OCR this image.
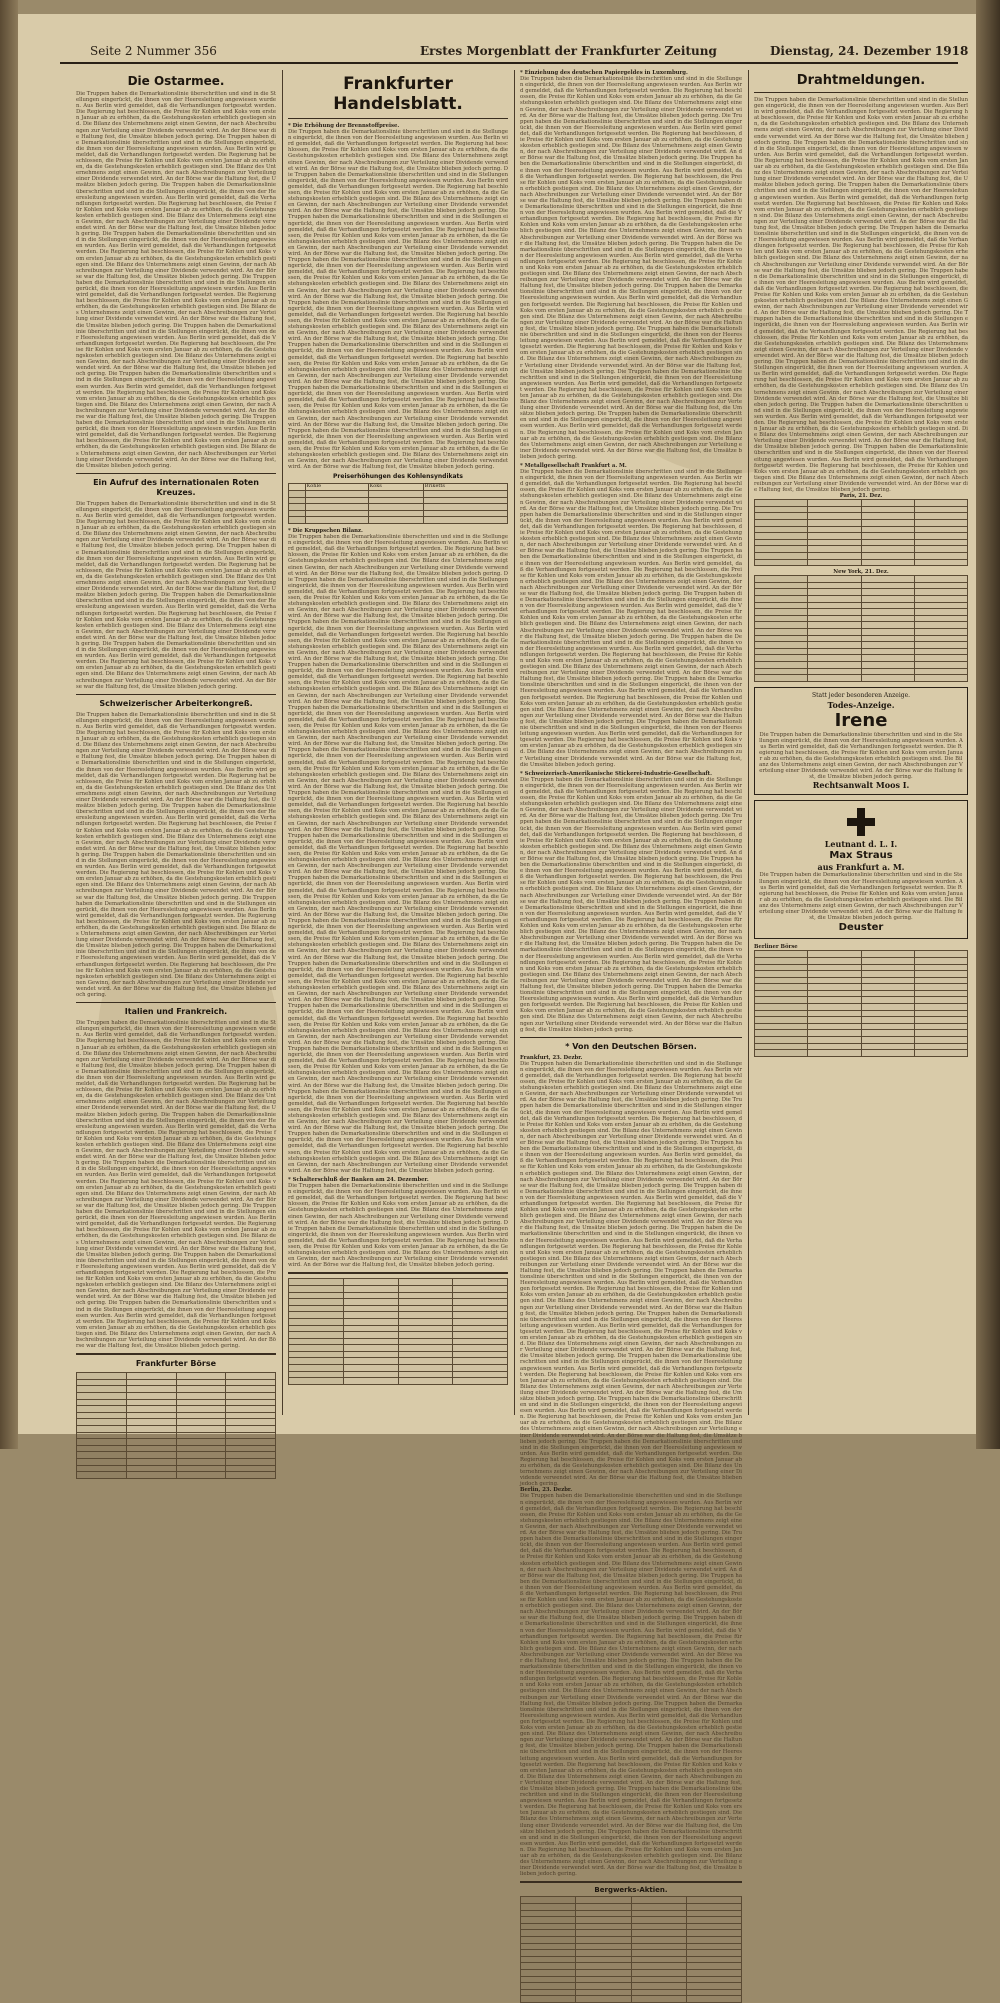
Seite 2 Nummer 356	Erstes Morgenblatt der Frankfurter Zeitung	Dienstag, 24. Dezember 1918
Die Ostarmee.
Die Truppen haben die Demarkationslinie überschritten und sind in die Stellungen eingerückt, die ihnen von der Heeresleitung angewiesen wurden. Aus Berlin wird gemeldet, daß die Verhandlungen fortgesetzt werden. Die Regierung hat beschlossen, die Preise für Kohlen und Koks vom ersten Januar ab zu erhöhen, da die Gestehungskosten erheblich gestiegen sind. Die Bilanz des Unternehmens zeigt einen Gewinn, der nach Abschreibungen zur Verteilung einer Dividende verwendet wird. An der Börse war die Haltung fest, die Umsätze blieben jedoch gering. Die Truppen haben die Demarkationslinie überschritten und sind in die Stellungen eingerückt, die ihnen von der Heeresleitung angewiesen wurden. Aus Berlin wird gemeldet, daß die Verhandlungen fortgesetzt werden. Die Regierung hat beschlossen, die Preise für Kohlen und Koks vom ersten Januar ab zu erhöhen, da die Gestehungskosten erheblich gestiegen sind. Die Bilanz des Unternehmens zeigt einen Gewinn, der nach Abschreibungen zur Verteilung einer Dividende verwendet wird. An der Börse war die Haltung fest, die Umsätze blieben jedoch gering. Die Truppen haben die Demarkationslinie überschritten und sind in die Stellungen eingerückt, die ihnen von der Heeresleitung angewiesen wurden. Aus Berlin wird gemeldet, daß die Verhandlungen fortgesetzt werden. Die Regierung hat beschlossen, die Preise für Kohlen und Koks vom ersten Januar ab zu erhöhen, da die Gestehungskosten erheblich gestiegen sind. Die Bilanz des Unternehmens zeigt einen Gewinn, der nach Abschreibungen zur Verteilung einer Dividende verwendet wird. An der Börse war die Haltung fest, die Umsätze blieben jedoch gering. Die Truppen haben die Demarkationslinie überschritten und sind in die Stellungen eingerückt, die ihnen von der Heeresleitung angewiesen wurden. Aus Berlin wird gemeldet, daß die Verhandlungen fortgesetzt werden. Die Regierung hat beschlossen, die Preise für Kohlen und Koks vom ersten Januar ab zu erhöhen, da die Gestehungskosten erheblich gestiegen sind. Die Bilanz des Unternehmens zeigt einen Gewinn, der nach Abschreibungen zur Verteilung einer Dividende verwendet wird. An der Börse war die Haltung fest, die Umsätze blieben jedoch gering. Die Truppen haben die Demarkationslinie überschritten und sind in die Stellungen eingerückt, die ihnen von der Heeresleitung angewiesen wurden. Aus Berlin wird gemeldet, daß die Verhandlungen fortgesetzt werden. Die Regierung hat beschlossen, die Preise für Kohlen und Koks vom ersten Januar ab zu erhöhen, da die Gestehungskosten erheblich gestiegen sind. Die Bilanz des Unternehmens zeigt einen Gewinn, der nach Abschreibungen zur Verteilung einer Dividende verwendet wird. An der Börse war die Haltung fest, die Umsätze blieben jedoch gering. Die Truppen haben die Demarkationslinie überschritten und sind in die Stellungen eingerückt, die ihnen von der Heeresleitung angewiesen wurden. Aus Berlin wird gemeldet, daß die Verhandlungen fortgesetzt werden. Die Regierung hat beschlossen, die Preise für Kohlen und Koks vom ersten Januar ab zu erhöhen, da die Gestehungskosten erheblich gestiegen sind. Die Bilanz des Unternehmens zeigt einen Gewinn, der nach Abschreibungen zur Verteilung einer Dividende verwendet wird. An der Börse war die Haltung fest, die Umsätze blieben jedoch gering. Die Truppen haben die Demarkationslinie überschritten und sind in die Stellungen eingerückt, die ihnen von der Heeresleitung angewiesen wurden. Aus Berlin wird gemeldet, daß die Verhandlungen fortgesetzt werden. Die Regierung hat beschlossen, die Preise für Kohlen und Koks vom ersten Januar ab zu erhöhen, da die Gestehungskosten erheblich gestiegen sind. Die Bilanz des Unternehmens zeigt einen Gewinn, der nach Abschreibungen zur Verteilung einer Dividende verwendet wird. An der Börse war die Haltung fest, die Umsätze blieben jedoch gering. Die Truppen haben die Demarkationslinie überschritten und sind in die Stellungen eingerückt, die ihnen von der Heeresleitung angewiesen wurden. Aus Berlin wird gemeldet, daß die Verhandlungen fortgesetzt werden. Die Regierung hat beschlossen, die Preise für Kohlen und Koks vom ersten Januar ab zu erhöhen, da die Gestehungskosten erheblich gestiegen sind. Die Bilanz des Unternehmens zeigt einen Gewinn, der nach Abschreibungen zur Verteilung einer Dividende verwendet wird. An der Börse war die Haltung fest, die Umsätze blieben jedoch gering.
Ein Aufruf des internationalen Roten Kreuzes.
Die Truppen haben die Demarkationslinie überschritten und sind in die Stellungen eingerückt, die ihnen von der Heeresleitung angewiesen wurden. Aus Berlin wird gemeldet, daß die Verhandlungen fortgesetzt werden. Die Regierung hat beschlossen, die Preise für Kohlen und Koks vom ersten Januar ab zu erhöhen, da die Gestehungskosten erheblich gestiegen sind. Die Bilanz des Unternehmens zeigt einen Gewinn, der nach Abschreibungen zur Verteilung einer Dividende verwendet wird. An der Börse war die Haltung fest, die Umsätze blieben jedoch gering. Die Truppen haben die Demarkationslinie überschritten und sind in die Stellungen eingerückt, die ihnen von der Heeresleitung angewiesen wurden. Aus Berlin wird gemeldet, daß die Verhandlungen fortgesetzt werden. Die Regierung hat beschlossen, die Preise für Kohlen und Koks vom ersten Januar ab zu erhöhen, da die Gestehungskosten erheblich gestiegen sind. Die Bilanz des Unternehmens zeigt einen Gewinn, der nach Abschreibungen zur Verteilung einer Dividende verwendet wird. An der Börse war die Haltung fest, die Umsätze blieben jedoch gering. Die Truppen haben die Demarkationslinie überschritten und sind in die Stellungen eingerückt, die ihnen von der Heeresleitung angewiesen wurden. Aus Berlin wird gemeldet, daß die Verhandlungen fortgesetzt werden. Die Regierung hat beschlossen, die Preise für Kohlen und Koks vom ersten Januar ab zu erhöhen, da die Gestehungskosten erheblich gestiegen sind. Die Bilanz des Unternehmens zeigt einen Gewinn, der nach Abschreibungen zur Verteilung einer Dividende verwendet wird. An der Börse war die Haltung fest, die Umsätze blieben jedoch gering. Die Truppen haben die Demarkationslinie überschritten und sind in die Stellungen eingerückt, die ihnen von der Heeresleitung angewiesen wurden. Aus Berlin wird gemeldet, daß die Verhandlungen fortgesetzt werden. Die Regierung hat beschlossen, die Preise für Kohlen und Koks vom ersten Januar ab zu erhöhen, da die Gestehungskosten erheblich gestiegen sind. Die Bilanz des Unternehmens zeigt einen Gewinn, der nach Abschreibungen zur Verteilung einer Dividende verwendet wird. An der Börse war die Haltung fest, die Umsätze blieben jedoch gering.
Schweizerischer Arbeiterkongreß.
Die Truppen haben die Demarkationslinie überschritten und sind in die Stellungen eingerückt, die ihnen von der Heeresleitung angewiesen wurden. Aus Berlin wird gemeldet, daß die Verhandlungen fortgesetzt werden. Die Regierung hat beschlossen, die Preise für Kohlen und Koks vom ersten Januar ab zu erhöhen, da die Gestehungskosten erheblich gestiegen sind. Die Bilanz des Unternehmens zeigt einen Gewinn, der nach Abschreibungen zur Verteilung einer Dividende verwendet wird. An der Börse war die Haltung fest, die Umsätze blieben jedoch gering. Die Truppen haben die Demarkationslinie überschritten und sind in die Stellungen eingerückt, die ihnen von der Heeresleitung angewiesen wurden. Aus Berlin wird gemeldet, daß die Verhandlungen fortgesetzt werden. Die Regierung hat beschlossen, die Preise für Kohlen und Koks vom ersten Januar ab zu erhöhen, da die Gestehungskosten erheblich gestiegen sind. Die Bilanz des Unternehmens zeigt einen Gewinn, der nach Abschreibungen zur Verteilung einer Dividende verwendet wird. An der Börse war die Haltung fest, die Umsätze blieben jedoch gering. Die Truppen haben die Demarkationslinie überschritten und sind in die Stellungen eingerückt, die ihnen von der Heeresleitung angewiesen wurden. Aus Berlin wird gemeldet, daß die Verhandlungen fortgesetzt werden. Die Regierung hat beschlossen, die Preise für Kohlen und Koks vom ersten Januar ab zu erhöhen, da die Gestehungskosten erheblich gestiegen sind. Die Bilanz des Unternehmens zeigt einen Gewinn, der nach Abschreibungen zur Verteilung einer Dividende verwendet wird. An der Börse war die Haltung fest, die Umsätze blieben jedoch gering. Die Truppen haben die Demarkationslinie überschritten und sind in die Stellungen eingerückt, die ihnen von der Heeresleitung angewiesen wurden. Aus Berlin wird gemeldet, daß die Verhandlungen fortgesetzt werden. Die Regierung hat beschlossen, die Preise für Kohlen und Koks vom ersten Januar ab zu erhöhen, da die Gestehungskosten erheblich gestiegen sind. Die Bilanz des Unternehmens zeigt einen Gewinn, der nach Abschreibungen zur Verteilung einer Dividende verwendet wird. An der Börse war die Haltung fest, die Umsätze blieben jedoch gering. Die Truppen haben die Demarkationslinie überschritten und sind in die Stellungen eingerückt, die ihnen von der Heeresleitung angewiesen wurden. Aus Berlin wird gemeldet, daß die Verhandlungen fortgesetzt werden. Die Regierung hat beschlossen, die Preise für Kohlen und Koks vom ersten Januar ab zu erhöhen, da die Gestehungskosten erheblich gestiegen sind. Die Bilanz des Unternehmens zeigt einen Gewinn, der nach Abschreibungen zur Verteilung einer Dividende verwendet wird. An der Börse war die Haltung fest, die Umsätze blieben jedoch gering. Die Truppen haben die Demarkationslinie überschritten und sind in die Stellungen eingerückt, die ihnen von der Heeresleitung angewiesen wurden. Aus Berlin wird gemeldet, daß die Verhandlungen fortgesetzt werden. Die Regierung hat beschlossen, die Preise für Kohlen und Koks vom ersten Januar ab zu erhöhen, da die Gestehungskosten erheblich gestiegen sind. Die Bilanz des Unternehmens zeigt einen Gewinn, der nach Abschreibungen zur Verteilung einer Dividende verwendet wird. An der Börse war die Haltung fest, die Umsätze blieben jedoch gering.
Italien und Frankreich.
Die Truppen haben die Demarkationslinie überschritten und sind in die Stellungen eingerückt, die ihnen von der Heeresleitung angewiesen wurden. Aus Berlin wird gemeldet, daß die Verhandlungen fortgesetzt werden. Die Regierung hat beschlossen, die Preise für Kohlen und Koks vom ersten Januar ab zu erhöhen, da die Gestehungskosten erheblich gestiegen sind. Die Bilanz des Unternehmens zeigt einen Gewinn, der nach Abschreibungen zur Verteilung einer Dividende verwendet wird. An der Börse war die Haltung fest, die Umsätze blieben jedoch gering. Die Truppen haben die Demarkationslinie überschritten und sind in die Stellungen eingerückt, die ihnen von der Heeresleitung angewiesen wurden. Aus Berlin wird gemeldet, daß die Verhandlungen fortgesetzt werden. Die Regierung hat beschlossen, die Preise für Kohlen und Koks vom ersten Januar ab zu erhöhen, da die Gestehungskosten erheblich gestiegen sind. Die Bilanz des Unternehmens zeigt einen Gewinn, der nach Abschreibungen zur Verteilung einer Dividende verwendet wird. An der Börse war die Haltung fest, die Umsätze blieben jedoch gering. Die Truppen haben die Demarkationslinie überschritten und sind in die Stellungen eingerückt, die ihnen von der Heeresleitung angewiesen wurden. Aus Berlin wird gemeldet, daß die Verhandlungen fortgesetzt werden. Die Regierung hat beschlossen, die Preise für Kohlen und Koks vom ersten Januar ab zu erhöhen, da die Gestehungskosten erheblich gestiegen sind. Die Bilanz des Unternehmens zeigt einen Gewinn, der nach Abschreibungen zur Verteilung einer Dividende verwendet wird. An der Börse war die Haltung fest, die Umsätze blieben jedoch gering. Die Truppen haben die Demarkationslinie überschritten und sind in die Stellungen eingerückt, die ihnen von der Heeresleitung angewiesen wurden. Aus Berlin wird gemeldet, daß die Verhandlungen fortgesetzt werden. Die Regierung hat beschlossen, die Preise für Kohlen und Koks vom ersten Januar ab zu erhöhen, da die Gestehungskosten erheblich gestiegen sind. Die Bilanz des Unternehmens zeigt einen Gewinn, der nach Abschreibungen zur Verteilung einer Dividende verwendet wird. An der Börse war die Haltung fest, die Umsätze blieben jedoch gering. Die Truppen haben die Demarkationslinie überschritten und sind in die Stellungen eingerückt, die ihnen von der Heeresleitung angewiesen wurden. Aus Berlin wird gemeldet, daß die Verhandlungen fortgesetzt werden. Die Regierung hat beschlossen, die Preise für Kohlen und Koks vom ersten Januar ab zu erhöhen, da die Gestehungskosten erheblich gestiegen sind. Die Bilanz des Unternehmens zeigt einen Gewinn, der nach Abschreibungen zur Verteilung einer Dividende verwendet wird. An der Börse war die Haltung fest, die Umsätze blieben jedoch gering. Die Truppen haben die Demarkationslinie überschritten und sind in die Stellungen eingerückt, die ihnen von der Heeresleitung angewiesen wurden. Aus Berlin wird gemeldet, daß die Verhandlungen fortgesetzt werden. Die Regierung hat beschlossen, die Preise für Kohlen und Koks vom ersten Januar ab zu erhöhen, da die Gestehungskosten erheblich gestiegen sind. Die Bilanz des Unternehmens zeigt einen Gewinn, der nach Abschreibungen zur Verteilung einer Dividende verwendet wird. An der Börse war die Haltung fest, die Umsätze blieben jedoch gering. Die Truppen haben die Demarkationslinie überschritten und sind in die Stellungen eingerückt, die ihnen von der Heeresleitung angewiesen wurden. Aus Berlin wird gemeldet, daß die Verhandlungen fortgesetzt werden. Die Regierung hat beschlossen, die Preise für Kohlen und Koks vom ersten Januar ab zu erhöhen, da die Gestehungskosten erheblich gestiegen sind. Die Bilanz des Unternehmens zeigt einen Gewinn, der nach Abschreibungen zur Verteilung einer Dividende verwendet wird. An der Börse war die Haltung fest, die Umsätze blieben jedoch gering.
Frankfurter Börse

Frankfurter Handelsblatt.
* Die Erhöhung der Brennstoffpreise.
Die Truppen haben die Demarkationslinie überschritten und sind in die Stellungen eingerückt, die ihnen von der Heeresleitung angewiesen wurden. Aus Berlin wird gemeldet, daß die Verhandlungen fortgesetzt werden. Die Regierung hat beschlossen, die Preise für Kohlen und Koks vom ersten Januar ab zu erhöhen, da die Gestehungskosten erheblich gestiegen sind. Die Bilanz des Unternehmens zeigt einen Gewinn, der nach Abschreibungen zur Verteilung einer Dividende verwendet wird. An der Börse war die Haltung fest, die Umsätze blieben jedoch gering. Die Truppen haben die Demarkationslinie überschritten und sind in die Stellungen eingerückt, die ihnen von der Heeresleitung angewiesen wurden. Aus Berlin wird gemeldet, daß die Verhandlungen fortgesetzt werden. Die Regierung hat beschlossen, die Preise für Kohlen und Koks vom ersten Januar ab zu erhöhen, da die Gestehungskosten erheblich gestiegen sind. Die Bilanz des Unternehmens zeigt einen Gewinn, der nach Abschreibungen zur Verteilung einer Dividende verwendet wird. An der Börse war die Haltung fest, die Umsätze blieben jedoch gering. Die Truppen haben die Demarkationslinie überschritten und sind in die Stellungen eingerückt, die ihnen von der Heeresleitung angewiesen wurden. Aus Berlin wird gemeldet, daß die Verhandlungen fortgesetzt werden. Die Regierung hat beschlossen, die Preise für Kohlen und Koks vom ersten Januar ab zu erhöhen, da die Gestehungskosten erheblich gestiegen sind. Die Bilanz des Unternehmens zeigt einen Gewinn, der nach Abschreibungen zur Verteilung einer Dividende verwendet wird. An der Börse war die Haltung fest, die Umsätze blieben jedoch gering. Die Truppen haben die Demarkationslinie überschritten und sind in die Stellungen eingerückt, die ihnen von der Heeresleitung angewiesen wurden. Aus Berlin wird gemeldet, daß die Verhandlungen fortgesetzt werden. Die Regierung hat beschlossen, die Preise für Kohlen und Koks vom ersten Januar ab zu erhöhen, da die Gestehungskosten erheblich gestiegen sind. Die Bilanz des Unternehmens zeigt einen Gewinn, der nach Abschreibungen zur Verteilung einer Dividende verwendet wird. An der Börse war die Haltung fest, die Umsätze blieben jedoch gering. Die Truppen haben die Demarkationslinie überschritten und sind in die Stellungen eingerückt, die ihnen von der Heeresleitung angewiesen wurden. Aus Berlin wird gemeldet, daß die Verhandlungen fortgesetzt werden. Die Regierung hat beschlossen, die Preise für Kohlen und Koks vom ersten Januar ab zu erhöhen, da die Gestehungskosten erheblich gestiegen sind. Die Bilanz des Unternehmens zeigt einen Gewinn, der nach Abschreibungen zur Verteilung einer Dividende verwendet wird. An der Börse war die Haltung fest, die Umsätze blieben jedoch gering. Die Truppen haben die Demarkationslinie überschritten und sind in die Stellungen eingerückt, die ihnen von der Heeresleitung angewiesen wurden. Aus Berlin wird gemeldet, daß die Verhandlungen fortgesetzt werden. Die Regierung hat beschlossen, die Preise für Kohlen und Koks vom ersten Januar ab zu erhöhen, da die Gestehungskosten erheblich gestiegen sind. Die Bilanz des Unternehmens zeigt einen Gewinn, der nach Abschreibungen zur Verteilung einer Dividende verwendet wird. An der Börse war die Haltung fest, die Umsätze blieben jedoch gering. Die Truppen haben die Demarkationslinie überschritten und sind in die Stellungen eingerückt, die ihnen von der Heeresleitung angewiesen wurden. Aus Berlin wird gemeldet, daß die Verhandlungen fortgesetzt werden. Die Regierung hat beschlossen, die Preise für Kohlen und Koks vom ersten Januar ab zu erhöhen, da die Gestehungskosten erheblich gestiegen sind. Die Bilanz des Unternehmens zeigt einen Gewinn, der nach Abschreibungen zur Verteilung einer Dividende verwendet wird. An der Börse war die Haltung fest, die Umsätze blieben jedoch gering. Die Truppen haben die Demarkationslinie überschritten und sind in die Stellungen eingerückt, die ihnen von der Heeresleitung angewiesen wurden. Aus Berlin wird gemeldet, daß die Verhandlungen fortgesetzt werden. Die Regierung hat beschlossen, die Preise für Kohlen und Koks vom ersten Januar ab zu erhöhen, da die Gestehungskosten erheblich gestiegen sind. Die Bilanz des Unternehmens zeigt einen Gewinn, der nach Abschreibungen zur Verteilung einer Dividende verwendet wird. An der Börse war die Haltung fest, die Umsätze blieben jedoch gering.
Preiserhöhungen des Kohlensyndikats
	Kohle	Koks	Briketts

* Die Kruppschen Bilanz.
Die Truppen haben die Demarkationslinie überschritten und sind in die Stellungen eingerückt, die ihnen von der Heeresleitung angewiesen wurden. Aus Berlin wird gemeldet, daß die Verhandlungen fortgesetzt werden. Die Regierung hat beschlossen, die Preise für Kohlen und Koks vom ersten Januar ab zu erhöhen, da die Gestehungskosten erheblich gestiegen sind. Die Bilanz des Unternehmens zeigt einen Gewinn, der nach Abschreibungen zur Verteilung einer Dividende verwendet wird. An der Börse war die Haltung fest, die Umsätze blieben jedoch gering. Die Truppen haben die Demarkationslinie überschritten und sind in die Stellungen eingerückt, die ihnen von der Heeresleitung angewiesen wurden. Aus Berlin wird gemeldet, daß die Verhandlungen fortgesetzt werden. Die Regierung hat beschlossen, die Preise für Kohlen und Koks vom ersten Januar ab zu erhöhen, da die Gestehungskosten erheblich gestiegen sind. Die Bilanz des Unternehmens zeigt einen Gewinn, der nach Abschreibungen zur Verteilung einer Dividende verwendet wird. An der Börse war die Haltung fest, die Umsätze blieben jedoch gering. Die Truppen haben die Demarkationslinie überschritten und sind in die Stellungen eingerückt, die ihnen von der Heeresleitung angewiesen wurden. Aus Berlin wird gemeldet, daß die Verhandlungen fortgesetzt werden. Die Regierung hat beschlossen, die Preise für Kohlen und Koks vom ersten Januar ab zu erhöhen, da die Gestehungskosten erheblich gestiegen sind. Die Bilanz des Unternehmens zeigt einen Gewinn, der nach Abschreibungen zur Verteilung einer Dividende verwendet wird. An der Börse war die Haltung fest, die Umsätze blieben jedoch gering. Die Truppen haben die Demarkationslinie überschritten und sind in die Stellungen eingerückt, die ihnen von der Heeresleitung angewiesen wurden. Aus Berlin wird gemeldet, daß die Verhandlungen fortgesetzt werden. Die Regierung hat beschlossen, die Preise für Kohlen und Koks vom ersten Januar ab zu erhöhen, da die Gestehungskosten erheblich gestiegen sind. Die Bilanz des Unternehmens zeigt einen Gewinn, der nach Abschreibungen zur Verteilung einer Dividende verwendet wird. An der Börse war die Haltung fest, die Umsätze blieben jedoch gering. Die Truppen haben die Demarkationslinie überschritten und sind in die Stellungen eingerückt, die ihnen von der Heeresleitung angewiesen wurden. Aus Berlin wird gemeldet, daß die Verhandlungen fortgesetzt werden. Die Regierung hat beschlossen, die Preise für Kohlen und Koks vom ersten Januar ab zu erhöhen, da die Gestehungskosten erheblich gestiegen sind. Die Bilanz des Unternehmens zeigt einen Gewinn, der nach Abschreibungen zur Verteilung einer Dividende verwendet wird. An der Börse war die Haltung fest, die Umsätze blieben jedoch gering. Die Truppen haben die Demarkationslinie überschritten und sind in die Stellungen eingerückt, die ihnen von der Heeresleitung angewiesen wurden. Aus Berlin wird gemeldet, daß die Verhandlungen fortgesetzt werden. Die Regierung hat beschlossen, die Preise für Kohlen und Koks vom ersten Januar ab zu erhöhen, da die Gestehungskosten erheblich gestiegen sind. Die Bilanz des Unternehmens zeigt einen Gewinn, der nach Abschreibungen zur Verteilung einer Dividende verwendet wird. An der Börse war die Haltung fest, die Umsätze blieben jedoch gering. Die Truppen haben die Demarkationslinie überschritten und sind in die Stellungen eingerückt, die ihnen von der Heeresleitung angewiesen wurden. Aus Berlin wird gemeldet, daß die Verhandlungen fortgesetzt werden. Die Regierung hat beschlossen, die Preise für Kohlen und Koks vom ersten Januar ab zu erhöhen, da die Gestehungskosten erheblich gestiegen sind. Die Bilanz des Unternehmens zeigt einen Gewinn, der nach Abschreibungen zur Verteilung einer Dividende verwendet wird. An der Börse war die Haltung fest, die Umsätze blieben jedoch gering. Die Truppen haben die Demarkationslinie überschritten und sind in die Stellungen eingerückt, die ihnen von der Heeresleitung angewiesen wurden. Aus Berlin wird gemeldet, daß die Verhandlungen fortgesetzt werden. Die Regierung hat beschlossen, die Preise für Kohlen und Koks vom ersten Januar ab zu erhöhen, da die Gestehungskosten erheblich gestiegen sind. Die Bilanz des Unternehmens zeigt einen Gewinn, der nach Abschreibungen zur Verteilung einer Dividende verwendet wird. An der Börse war die Haltung fest, die Umsätze blieben jedoch gering. Die Truppen haben die Demarkationslinie überschritten und sind in die Stellungen eingerückt, die ihnen von der Heeresleitung angewiesen wurden. Aus Berlin wird gemeldet, daß die Verhandlungen fortgesetzt werden. Die Regierung hat beschlossen, die Preise für Kohlen und Koks vom ersten Januar ab zu erhöhen, da die Gestehungskosten erheblich gestiegen sind. Die Bilanz des Unternehmens zeigt einen Gewinn, der nach Abschreibungen zur Verteilung einer Dividende verwendet wird. An der Börse war die Haltung fest, die Umsätze blieben jedoch gering. Die Truppen haben die Demarkationslinie überschritten und sind in die Stellungen eingerückt, die ihnen von der Heeresleitung angewiesen wurden. Aus Berlin wird gemeldet, daß die Verhandlungen fortgesetzt werden. Die Regierung hat beschlossen, die Preise für Kohlen und Koks vom ersten Januar ab zu erhöhen, da die Gestehungskosten erheblich gestiegen sind. Die Bilanz des Unternehmens zeigt einen Gewinn, der nach Abschreibungen zur Verteilung einer Dividende verwendet wird. An der Börse war die Haltung fest, die Umsätze blieben jedoch gering. Die Truppen haben die Demarkationslinie überschritten und sind in die Stellungen eingerückt, die ihnen von der Heeresleitung angewiesen wurden. Aus Berlin wird gemeldet, daß die Verhandlungen fortgesetzt werden. Die Regierung hat beschlossen, die Preise für Kohlen und Koks vom ersten Januar ab zu erhöhen, da die Gestehungskosten erheblich gestiegen sind. Die Bilanz des Unternehmens zeigt einen Gewinn, der nach Abschreibungen zur Verteilung einer Dividende verwendet wird. An der Börse war die Haltung fest, die Umsätze blieben jedoch gering. Die Truppen haben die Demarkationslinie überschritten und sind in die Stellungen eingerückt, die ihnen von der Heeresleitung angewiesen wurden. Aus Berlin wird gemeldet, daß die Verhandlungen fortgesetzt werden. Die Regierung hat beschlossen, die Preise für Kohlen und Koks vom ersten Januar ab zu erhöhen, da die Gestehungskosten erheblich gestiegen sind. Die Bilanz des Unternehmens zeigt einen Gewinn, der nach Abschreibungen zur Verteilung einer Dividende verwendet wird. An der Börse war die Haltung fest, die Umsätze blieben jedoch gering. Die Truppen haben die Demarkationslinie überschritten und sind in die Stellungen eingerückt, die ihnen von der Heeresleitung angewiesen wurden. Aus Berlin wird gemeldet, daß die Verhandlungen fortgesetzt werden. Die Regierung hat beschlossen, die Preise für Kohlen und Koks vom ersten Januar ab zu erhöhen, da die Gestehungskosten erheblich gestiegen sind. Die Bilanz des Unternehmens zeigt einen Gewinn, der nach Abschreibungen zur Verteilung einer Dividende verwendet wird. An der Börse war die Haltung fest, die Umsätze blieben jedoch gering. Die Truppen haben die Demarkationslinie überschritten und sind in die Stellungen eingerückt, die ihnen von der Heeresleitung angewiesen wurden. Aus Berlin wird gemeldet, daß die Verhandlungen fortgesetzt werden. Die Regierung hat beschlossen, die Preise für Kohlen und Koks vom ersten Januar ab zu erhöhen, da die Gestehungskosten erheblich gestiegen sind. Die Bilanz des Unternehmens zeigt einen Gewinn, der nach Abschreibungen zur Verteilung einer Dividende verwendet wird. An der Börse war die Haltung fest, die Umsätze blieben jedoch gering. Die Truppen haben die Demarkationslinie überschritten und sind in die Stellungen eingerückt, die ihnen von der Heeresleitung angewiesen wurden. Aus Berlin wird gemeldet, daß die Verhandlungen fortgesetzt werden. Die Regierung hat beschlossen, die Preise für Kohlen und Koks vom ersten Januar ab zu erhöhen, da die Gestehungskosten erheblich gestiegen sind. Die Bilanz des Unternehmens zeigt einen Gewinn, der nach Abschreibungen zur Verteilung einer Dividende verwendet wird. An der Börse war die Haltung fest, die Umsätze blieben jedoch gering.
* Schalterschluß der Banken am 24. Dezember.
Die Truppen haben die Demarkationslinie überschritten und sind in die Stellungen eingerückt, die ihnen von der Heeresleitung angewiesen wurden. Aus Berlin wird gemeldet, daß die Verhandlungen fortgesetzt werden. Die Regierung hat beschlossen, die Preise für Kohlen und Koks vom ersten Januar ab zu erhöhen, da die Gestehungskosten erheblich gestiegen sind. Die Bilanz des Unternehmens zeigt einen Gewinn, der nach Abschreibungen zur Verteilung einer Dividende verwendet wird. An der Börse war die Haltung fest, die Umsätze blieben jedoch gering. Die Truppen haben die Demarkationslinie überschritten und sind in die Stellungen eingerückt, die ihnen von der Heeresleitung angewiesen wurden. Aus Berlin wird gemeldet, daß die Verhandlungen fortgesetzt werden. Die Regierung hat beschlossen, die Preise für Kohlen und Koks vom ersten Januar ab zu erhöhen, da die Gestehungskosten erheblich gestiegen sind. Die Bilanz des Unternehmens zeigt einen Gewinn, der nach Abschreibungen zur Verteilung einer Dividende verwendet wird. An der Börse war die Haltung fest, die Umsätze blieben jedoch gering.

* Einziehung des deutschen Papiergeldes in Luxemburg.
Die Truppen haben die Demarkationslinie überschritten und sind in die Stellungen eingerückt, die ihnen von der Heeresleitung angewiesen wurden. Aus Berlin wird gemeldet, daß die Verhandlungen fortgesetzt werden. Die Regierung hat beschlossen, die Preise für Kohlen und Koks vom ersten Januar ab zu erhöhen, da die Gestehungskosten erheblich gestiegen sind. Die Bilanz des Unternehmens zeigt einen Gewinn, der nach Abschreibungen zur Verteilung einer Dividende verwendet wird. An der Börse war die Haltung fest, die Umsätze blieben jedoch gering. Die Truppen haben die Demarkationslinie überschritten und sind in die Stellungen eingerückt, die ihnen von der Heeresleitung angewiesen wurden. Aus Berlin wird gemeldet, daß die Verhandlungen fortgesetzt werden. Die Regierung hat beschlossen, die Preise für Kohlen und Koks vom ersten Januar ab zu erhöhen, da die Gestehungskosten erheblich gestiegen sind. Die Bilanz des Unternehmens zeigt einen Gewinn, der nach Abschreibungen zur Verteilung einer Dividende verwendet wird. An der Börse war die Haltung fest, die Umsätze blieben jedoch gering. Die Truppen haben die Demarkationslinie überschritten und sind in die Stellungen eingerückt, die ihnen von der Heeresleitung angewiesen wurden. Aus Berlin wird gemeldet, daß die Verhandlungen fortgesetzt werden. Die Regierung hat beschlossen, die Preise für Kohlen und Koks vom ersten Januar ab zu erhöhen, da die Gestehungskosten erheblich gestiegen sind. Die Bilanz des Unternehmens zeigt einen Gewinn, der nach Abschreibungen zur Verteilung einer Dividende verwendet wird. An der Börse war die Haltung fest, die Umsätze blieben jedoch gering. Die Truppen haben die Demarkationslinie überschritten und sind in die Stellungen eingerückt, die ihnen von der Heeresleitung angewiesen wurden. Aus Berlin wird gemeldet, daß die Verhandlungen fortgesetzt werden. Die Regierung hat beschlossen, die Preise für Kohlen und Koks vom ersten Januar ab zu erhöhen, da die Gestehungskosten erheblich gestiegen sind. Die Bilanz des Unternehmens zeigt einen Gewinn, der nach Abschreibungen zur Verteilung einer Dividende verwendet wird. An der Börse war die Haltung fest, die Umsätze blieben jedoch gering. Die Truppen haben die Demarkationslinie überschritten und sind in die Stellungen eingerückt, die ihnen von der Heeresleitung angewiesen wurden. Aus Berlin wird gemeldet, daß die Verhandlungen fortgesetzt werden. Die Regierung hat beschlossen, die Preise für Kohlen und Koks vom ersten Januar ab zu erhöhen, da die Gestehungskosten erheblich gestiegen sind. Die Bilanz des Unternehmens zeigt einen Gewinn, der nach Abschreibungen zur Verteilung einer Dividende verwendet wird. An der Börse war die Haltung fest, die Umsätze blieben jedoch gering. Die Truppen haben die Demarkationslinie überschritten und sind in die Stellungen eingerückt, die ihnen von der Heeresleitung angewiesen wurden. Aus Berlin wird gemeldet, daß die Verhandlungen fortgesetzt werden. Die Regierung hat beschlossen, die Preise für Kohlen und Koks vom ersten Januar ab zu erhöhen, da die Gestehungskosten erheblich gestiegen sind. Die Bilanz des Unternehmens zeigt einen Gewinn, der nach Abschreibungen zur Verteilung einer Dividende verwendet wird. An der Börse war die Haltung fest, die Umsätze blieben jedoch gering. Die Truppen haben die Demarkationslinie überschritten und sind in die Stellungen eingerückt, die ihnen von der Heeresleitung angewiesen wurden. Aus Berlin wird gemeldet, daß die Verhandlungen fortgesetzt werden. Die Regierung hat beschlossen, die Preise für Kohlen und Koks vom ersten Januar ab zu erhöhen, da die Gestehungskosten erheblich gestiegen sind. Die Bilanz des Unternehmens zeigt einen Gewinn, der nach Abschreibungen zur Verteilung einer Dividende verwendet wird. An der Börse war die Haltung fest, die Umsätze blieben jedoch gering. Die Truppen haben die Demarkationslinie überschritten und sind in die Stellungen eingerückt, die ihnen von der Heeresleitung angewiesen wurden. Aus Berlin wird gemeldet, daß die Verhandlungen fortgesetzt werden. Die Regierung hat beschlossen, die Preise für Kohlen und Koks vom ersten Januar ab zu erhöhen, da die Gestehungskosten erheblich gestiegen sind. Die Bilanz des Unternehmens zeigt einen Gewinn, der nach Abschreibungen zur Verteilung einer Dividende verwendet wird. An der Börse war die Haltung fest, die Umsätze blieben jedoch gering. Die Truppen haben die Demarkationslinie überschritten und sind in die Stellungen eingerückt, die ihnen von der Heeresleitung angewiesen wurden. Aus Berlin wird gemeldet, daß die Verhandlungen fortgesetzt werden. Die Regierung hat beschlossen, die Preise für Kohlen und Koks vom ersten Januar ab zu erhöhen, da die Gestehungskosten erheblich gestiegen sind. Die Bilanz des Unternehmens zeigt einen Gewinn, der nach Abschreibungen zur Verteilung einer Dividende verwendet wird. An der Börse war die Haltung fest, die Umsätze blieben jedoch gering.
* Metallgesellschaft Frankfurt a. M.
Die Truppen haben die Demarkationslinie überschritten und sind in die Stellungen eingerückt, die ihnen von der Heeresleitung angewiesen wurden. Aus Berlin wird gemeldet, daß die Verhandlungen fortgesetzt werden. Die Regierung hat beschlossen, die Preise für Kohlen und Koks vom ersten Januar ab zu erhöhen, da die Gestehungskosten erheblich gestiegen sind. Die Bilanz des Unternehmens zeigt einen Gewinn, der nach Abschreibungen zur Verteilung einer Dividende verwendet wird. An der Börse war die Haltung fest, die Umsätze blieben jedoch gering. Die Truppen haben die Demarkationslinie überschritten und sind in die Stellungen eingerückt, die ihnen von der Heeresleitung angewiesen wurden. Aus Berlin wird gemeldet, daß die Verhandlungen fortgesetzt werden. Die Regierung hat beschlossen, die Preise für Kohlen und Koks vom ersten Januar ab zu erhöhen, da die Gestehungskosten erheblich gestiegen sind. Die Bilanz des Unternehmens zeigt einen Gewinn, der nach Abschreibungen zur Verteilung einer Dividende verwendet wird. An der Börse war die Haltung fest, die Umsätze blieben jedoch gering. Die Truppen haben die Demarkationslinie überschritten und sind in die Stellungen eingerückt, die ihnen von der Heeresleitung angewiesen wurden. Aus Berlin wird gemeldet, daß die Verhandlungen fortgesetzt werden. Die Regierung hat beschlossen, die Preise für Kohlen und Koks vom ersten Januar ab zu erhöhen, da die Gestehungskosten erheblich gestiegen sind. Die Bilanz des Unternehmens zeigt einen Gewinn, der nach Abschreibungen zur Verteilung einer Dividende verwendet wird. An der Börse war die Haltung fest, die Umsätze blieben jedoch gering. Die Truppen haben die Demarkationslinie überschritten und sind in die Stellungen eingerückt, die ihnen von der Heeresleitung angewiesen wurden. Aus Berlin wird gemeldet, daß die Verhandlungen fortgesetzt werden. Die Regierung hat beschlossen, die Preise für Kohlen und Koks vom ersten Januar ab zu erhöhen, da die Gestehungskosten erheblich gestiegen sind. Die Bilanz des Unternehmens zeigt einen Gewinn, der nach Abschreibungen zur Verteilung einer Dividende verwendet wird. An der Börse war die Haltung fest, die Umsätze blieben jedoch gering. Die Truppen haben die Demarkationslinie überschritten und sind in die Stellungen eingerückt, die ihnen von der Heeresleitung angewiesen wurden. Aus Berlin wird gemeldet, daß die Verhandlungen fortgesetzt werden. Die Regierung hat beschlossen, die Preise für Kohlen und Koks vom ersten Januar ab zu erhöhen, da die Gestehungskosten erheblich gestiegen sind. Die Bilanz des Unternehmens zeigt einen Gewinn, der nach Abschreibungen zur Verteilung einer Dividende verwendet wird. An der Börse war die Haltung fest, die Umsätze blieben jedoch gering. Die Truppen haben die Demarkationslinie überschritten und sind in die Stellungen eingerückt, die ihnen von der Heeresleitung angewiesen wurden. Aus Berlin wird gemeldet, daß die Verhandlungen fortgesetzt werden. Die Regierung hat beschlossen, die Preise für Kohlen und Koks vom ersten Januar ab zu erhöhen, da die Gestehungskosten erheblich gestiegen sind. Die Bilanz des Unternehmens zeigt einen Gewinn, der nach Abschreibungen zur Verteilung einer Dividende verwendet wird. An der Börse war die Haltung fest, die Umsätze blieben jedoch gering. Die Truppen haben die Demarkationslinie überschritten und sind in die Stellungen eingerückt, die ihnen von der Heeresleitung angewiesen wurden. Aus Berlin wird gemeldet, daß die Verhandlungen fortgesetzt werden. Die Regierung hat beschlossen, die Preise für Kohlen und Koks vom ersten Januar ab zu erhöhen, da die Gestehungskosten erheblich gestiegen sind. Die Bilanz des Unternehmens zeigt einen Gewinn, der nach Abschreibungen zur Verteilung einer Dividende verwendet wird. An der Börse war die Haltung fest, die Umsätze blieben jedoch gering.
* Schweizerisch-Amerikanische Stickerei-Industrie-Gesellschaft.
Die Truppen haben die Demarkationslinie überschritten und sind in die Stellungen eingerückt, die ihnen von der Heeresleitung angewiesen wurden. Aus Berlin wird gemeldet, daß die Verhandlungen fortgesetzt werden. Die Regierung hat beschlossen, die Preise für Kohlen und Koks vom ersten Januar ab zu erhöhen, da die Gestehungskosten erheblich gestiegen sind. Die Bilanz des Unternehmens zeigt einen Gewinn, der nach Abschreibungen zur Verteilung einer Dividende verwendet wird. An der Börse war die Haltung fest, die Umsätze blieben jedoch gering. Die Truppen haben die Demarkationslinie überschritten und sind in die Stellungen eingerückt, die ihnen von der Heeresleitung angewiesen wurden. Aus Berlin wird gemeldet, daß die Verhandlungen fortgesetzt werden. Die Regierung hat beschlossen, die Preise für Kohlen und Koks vom ersten Januar ab zu erhöhen, da die Gestehungskosten erheblich gestiegen sind. Die Bilanz des Unternehmens zeigt einen Gewinn, der nach Abschreibungen zur Verteilung einer Dividende verwendet wird. An der Börse war die Haltung fest, die Umsätze blieben jedoch gering. Die Truppen haben die Demarkationslinie überschritten und sind in die Stellungen eingerückt, die ihnen von der Heeresleitung angewiesen wurden. Aus Berlin wird gemeldet, daß die Verhandlungen fortgesetzt werden. Die Regierung hat beschlossen, die Preise für Kohlen und Koks vom ersten Januar ab zu erhöhen, da die Gestehungskosten erheblich gestiegen sind. Die Bilanz des Unternehmens zeigt einen Gewinn, der nach Abschreibungen zur Verteilung einer Dividende verwendet wird. An der Börse war die Haltung fest, die Umsätze blieben jedoch gering. Die Truppen haben die Demarkationslinie überschritten und sind in die Stellungen eingerückt, die ihnen von der Heeresleitung angewiesen wurden. Aus Berlin wird gemeldet, daß die Verhandlungen fortgesetzt werden. Die Regierung hat beschlossen, die Preise für Kohlen und Koks vom ersten Januar ab zu erhöhen, da die Gestehungskosten erheblich gestiegen sind. Die Bilanz des Unternehmens zeigt einen Gewinn, der nach Abschreibungen zur Verteilung einer Dividende verwendet wird. An der Börse war die Haltung fest, die Umsätze blieben jedoch gering. Die Truppen haben die Demarkationslinie überschritten und sind in die Stellungen eingerückt, die ihnen von der Heeresleitung angewiesen wurden. Aus Berlin wird gemeldet, daß die Verhandlungen fortgesetzt werden. Die Regierung hat beschlossen, die Preise für Kohlen und Koks vom ersten Januar ab zu erhöhen, da die Gestehungskosten erheblich gestiegen sind. Die Bilanz des Unternehmens zeigt einen Gewinn, der nach Abschreibungen zur Verteilung einer Dividende verwendet wird. An der Börse war die Haltung fest, die Umsätze blieben jedoch gering. Die Truppen haben die Demarkationslinie überschritten und sind in die Stellungen eingerückt, die ihnen von der Heeresleitung angewiesen wurden. Aus Berlin wird gemeldet, daß die Verhandlungen fortgesetzt werden. Die Regierung hat beschlossen, die Preise für Kohlen und Koks vom ersten Januar ab zu erhöhen, da die Gestehungskosten erheblich gestiegen sind. Die Bilanz des Unternehmens zeigt einen Gewinn, der nach Abschreibungen zur Verteilung einer Dividende verwendet wird. An der Börse war die Haltung fest, die Umsätze blieben jedoch gering.
* Von den Deutschen Börsen.
Frankfurt, 23. Dezbr.
Die Truppen haben die Demarkationslinie überschritten und sind in die Stellungen eingerückt, die ihnen von der Heeresleitung angewiesen wurden. Aus Berlin wird gemeldet, daß die Verhandlungen fortgesetzt werden. Die Regierung hat beschlossen, die Preise für Kohlen und Koks vom ersten Januar ab zu erhöhen, da die Gestehungskosten erheblich gestiegen sind. Die Bilanz des Unternehmens zeigt einen Gewinn, der nach Abschreibungen zur Verteilung einer Dividende verwendet wird. An der Börse war die Haltung fest, die Umsätze blieben jedoch gering. Die Truppen haben die Demarkationslinie überschritten und sind in die Stellungen eingerückt, die ihnen von der Heeresleitung angewiesen wurden. Aus Berlin wird gemeldet, daß die Verhandlungen fortgesetzt werden. Die Regierung hat beschlossen, die Preise für Kohlen und Koks vom ersten Januar ab zu erhöhen, da die Gestehungskosten erheblich gestiegen sind. Die Bilanz des Unternehmens zeigt einen Gewinn, der nach Abschreibungen zur Verteilung einer Dividende verwendet wird. An der Börse war die Haltung fest, die Umsätze blieben jedoch gering. Die Truppen haben die Demarkationslinie überschritten und sind in die Stellungen eingerückt, die ihnen von der Heeresleitung angewiesen wurden. Aus Berlin wird gemeldet, daß die Verhandlungen fortgesetzt werden. Die Regierung hat beschlossen, die Preise für Kohlen und Koks vom ersten Januar ab zu erhöhen, da die Gestehungskosten erheblich gestiegen sind. Die Bilanz des Unternehmens zeigt einen Gewinn, der nach Abschreibungen zur Verteilung einer Dividende verwendet wird. An der Börse war die Haltung fest, die Umsätze blieben jedoch gering. Die Truppen haben die Demarkationslinie überschritten und sind in die Stellungen eingerückt, die ihnen von der Heeresleitung angewiesen wurden. Aus Berlin wird gemeldet, daß die Verhandlungen fortgesetzt werden. Die Regierung hat beschlossen, die Preise für Kohlen und Koks vom ersten Januar ab zu erhöhen, da die Gestehungskosten erheblich gestiegen sind. Die Bilanz des Unternehmens zeigt einen Gewinn, der nach Abschreibungen zur Verteilung einer Dividende verwendet wird. An der Börse war die Haltung fest, die Umsätze blieben jedoch gering. Die Truppen haben die Demarkationslinie überschritten und sind in die Stellungen eingerückt, die ihnen von der Heeresleitung angewiesen wurden. Aus Berlin wird gemeldet, daß die Verhandlungen fortgesetzt werden. Die Regierung hat beschlossen, die Preise für Kohlen und Koks vom ersten Januar ab zu erhöhen, da die Gestehungskosten erheblich gestiegen sind. Die Bilanz des Unternehmens zeigt einen Gewinn, der nach Abschreibungen zur Verteilung einer Dividende verwendet wird. An der Börse war die Haltung fest, die Umsätze blieben jedoch gering. Die Truppen haben die Demarkationslinie überschritten und sind in die Stellungen eingerückt, die ihnen von der Heeresleitung angewiesen wurden. Aus Berlin wird gemeldet, daß die Verhandlungen fortgesetzt werden. Die Regierung hat beschlossen, die Preise für Kohlen und Koks vom ersten Januar ab zu erhöhen, da die Gestehungskosten erheblich gestiegen sind. Die Bilanz des Unternehmens zeigt einen Gewinn, der nach Abschreibungen zur Verteilung einer Dividende verwendet wird. An der Börse war die Haltung fest, die Umsätze blieben jedoch gering. Die Truppen haben die Demarkationslinie überschritten und sind in die Stellungen eingerückt, die ihnen von der Heeresleitung angewiesen wurden. Aus Berlin wird gemeldet, daß die Verhandlungen fortgesetzt werden. Die Regierung hat beschlossen, die Preise für Kohlen und Koks vom ersten Januar ab zu erhöhen, da die Gestehungskosten erheblich gestiegen sind. Die Bilanz des Unternehmens zeigt einen Gewinn, der nach Abschreibungen zur Verteilung einer Dividende verwendet wird. An der Börse war die Haltung fest, die Umsätze blieben jedoch gering. Die Truppen haben die Demarkationslinie überschritten und sind in die Stellungen eingerückt, die ihnen von der Heeresleitung angewiesen wurden. Aus Berlin wird gemeldet, daß die Verhandlungen fortgesetzt werden. Die Regierung hat beschlossen, die Preise für Kohlen und Koks vom ersten Januar ab zu erhöhen, da die Gestehungskosten erheblich gestiegen sind. Die Bilanz des Unternehmens zeigt einen Gewinn, der nach Abschreibungen zur Verteilung einer Dividende verwendet wird. An der Börse war die Haltung fest, die Umsätze blieben jedoch gering. Die Truppen haben die Demarkationslinie überschritten und sind in die Stellungen eingerückt, die ihnen von der Heeresleitung angewiesen wurden. Aus Berlin wird gemeldet, daß die Verhandlungen fortgesetzt werden. Die Regierung hat beschlossen, die Preise für Kohlen und Koks vom ersten Januar ab zu erhöhen, da die Gestehungskosten erheblich gestiegen sind. Die Bilanz des Unternehmens zeigt einen Gewinn, der nach Abschreibungen zur Verteilung einer Dividende verwendet wird. An der Börse war die Haltung fest, die Umsätze blieben jedoch gering. Die Truppen haben die Demarkationslinie überschritten und sind in die Stellungen eingerückt, die ihnen von der Heeresleitung angewiesen wurden. Aus Berlin wird gemeldet, daß die Verhandlungen fortgesetzt werden. Die Regierung hat beschlossen, die Preise für Kohlen und Koks vom ersten Januar ab zu erhöhen, da die Gestehungskosten erheblich gestiegen sind. Die Bilanz des Unternehmens zeigt einen Gewinn, der nach Abschreibungen zur Verteilung einer Dividende verwendet wird. An der Börse war die Haltung fest, die Umsätze blieben jedoch gering.
Berlin, 23. Dezbr.
Die Truppen haben die Demarkationslinie überschritten und sind in die Stellungen eingerückt, die ihnen von der Heeresleitung angewiesen wurden. Aus Berlin wird gemeldet, daß die Verhandlungen fortgesetzt werden. Die Regierung hat beschlossen, die Preise für Kohlen und Koks vom ersten Januar ab zu erhöhen, da die Gestehungskosten erheblich gestiegen sind. Die Bilanz des Unternehmens zeigt einen Gewinn, der nach Abschreibungen zur Verteilung einer Dividende verwendet wird. An der Börse war die Haltung fest, die Umsätze blieben jedoch gering. Die Truppen haben die Demarkationslinie überschritten und sind in die Stellungen eingerückt, die ihnen von der Heeresleitung angewiesen wurden. Aus Berlin wird gemeldet, daß die Verhandlungen fortgesetzt werden. Die Regierung hat beschlossen, die Preise für Kohlen und Koks vom ersten Januar ab zu erhöhen, da die Gestehungskosten erheblich gestiegen sind. Die Bilanz des Unternehmens zeigt einen Gewinn, der nach Abschreibungen zur Verteilung einer Dividende verwendet wird. An der Börse war die Haltung fest, die Umsätze blieben jedoch gering. Die Truppen haben die Demarkationslinie überschritten und sind in die Stellungen eingerückt, die ihnen von der Heeresleitung angewiesen wurden. Aus Berlin wird gemeldet, daß die Verhandlungen fortgesetzt werden. Die Regierung hat beschlossen, die Preise für Kohlen und Koks vom ersten Januar ab zu erhöhen, da die Gestehungskosten erheblich gestiegen sind. Die Bilanz des Unternehmens zeigt einen Gewinn, der nach Abschreibungen zur Verteilung einer Dividende verwendet wird. An der Börse war die Haltung fest, die Umsätze blieben jedoch gering. Die Truppen haben die Demarkationslinie überschritten und sind in die Stellungen eingerückt, die ihnen von der Heeresleitung angewiesen wurden. Aus Berlin wird gemeldet, daß die Verhandlungen fortgesetzt werden. Die Regierung hat beschlossen, die Preise für Kohlen und Koks vom ersten Januar ab zu erhöhen, da die Gestehungskosten erheblich gestiegen sind. Die Bilanz des Unternehmens zeigt einen Gewinn, der nach Abschreibungen zur Verteilung einer Dividende verwendet wird. An der Börse war die Haltung fest, die Umsätze blieben jedoch gering. Die Truppen haben die Demarkationslinie überschritten und sind in die Stellungen eingerückt, die ihnen von der Heeresleitung angewiesen wurden. Aus Berlin wird gemeldet, daß die Verhandlungen fortgesetzt werden. Die Regierung hat beschlossen, die Preise für Kohlen und Koks vom ersten Januar ab zu erhöhen, da die Gestehungskosten erheblich gestiegen sind. Die Bilanz des Unternehmens zeigt einen Gewinn, der nach Abschreibungen zur Verteilung einer Dividende verwendet wird. An der Börse war die Haltung fest, die Umsätze blieben jedoch gering. Die Truppen haben die Demarkationslinie überschritten und sind in die Stellungen eingerückt, die ihnen von der Heeresleitung angewiesen wurden. Aus Berlin wird gemeldet, daß die Verhandlungen fortgesetzt werden. Die Regierung hat beschlossen, die Preise für Kohlen und Koks vom ersten Januar ab zu erhöhen, da die Gestehungskosten erheblich gestiegen sind. Die Bilanz des Unternehmens zeigt einen Gewinn, der nach Abschreibungen zur Verteilung einer Dividende verwendet wird. An der Börse war die Haltung fest, die Umsätze blieben jedoch gering. Die Truppen haben die Demarkationslinie überschritten und sind in die Stellungen eingerückt, die ihnen von der Heeresleitung angewiesen wurden. Aus Berlin wird gemeldet, daß die Verhandlungen fortgesetzt werden. Die Regierung hat beschlossen, die Preise für Kohlen und Koks vom ersten Januar ab zu erhöhen, da die Gestehungskosten erheblich gestiegen sind. Die Bilanz des Unternehmens zeigt einen Gewinn, der nach Abschreibungen zur Verteilung einer Dividende verwendet wird. An der Börse war die Haltung fest, die Umsätze blieben jedoch gering. Die Truppen haben die Demarkationslinie überschritten und sind in die Stellungen eingerückt, die ihnen von der Heeresleitung angewiesen wurden. Aus Berlin wird gemeldet, daß die Verhandlungen fortgesetzt werden. Die Regierung hat beschlossen, die Preise für Kohlen und Koks vom ersten Januar ab zu erhöhen, da die Gestehungskosten erheblich gestiegen sind. Die Bilanz des Unternehmens zeigt einen Gewinn, der nach Abschreibungen zur Verteilung einer Dividende verwendet wird. An der Börse war die Haltung fest, die Umsätze blieben jedoch gering. Die Truppen haben die Demarkationslinie überschritten und sind in die Stellungen eingerückt, die ihnen von der Heeresleitung angewiesen wurden. Aus Berlin wird gemeldet, daß die Verhandlungen fortgesetzt werden. Die Regierung hat beschlossen, die Preise für Kohlen und Koks vom ersten Januar ab zu erhöhen, da die Gestehungskosten erheblich gestiegen sind. Die Bilanz des Unternehmens zeigt einen Gewinn, der nach Abschreibungen zur Verteilung einer Dividende verwendet wird. An der Börse war die Haltung fest, die Umsätze blieben jedoch gering.
Bergwerks-Aktien.

Drahtmeldungen.
Die Truppen haben die Demarkationslinie überschritten und sind in die Stellungen eingerückt, die ihnen von der Heeresleitung angewiesen wurden. Aus Berlin wird gemeldet, daß die Verhandlungen fortgesetzt werden. Die Regierung hat beschlossen, die Preise für Kohlen und Koks vom ersten Januar ab zu erhöhen, da die Gestehungskosten erheblich gestiegen sind. Die Bilanz des Unternehmens zeigt einen Gewinn, der nach Abschreibungen zur Verteilung einer Dividende verwendet wird. An der Börse war die Haltung fest, die Umsätze blieben jedoch gering. Die Truppen haben die Demarkationslinie überschritten und sind in die Stellungen eingerückt, die ihnen von der Heeresleitung angewiesen wurden. Aus Berlin wird gemeldet, daß die Verhandlungen fortgesetzt werden. Die Regierung hat beschlossen, die Preise für Kohlen und Koks vom ersten Januar ab zu erhöhen, da die Gestehungskosten erheblich gestiegen sind. Die Bilanz des Unternehmens zeigt einen Gewinn, der nach Abschreibungen zur Verteilung einer Dividende verwendet wird. An der Börse war die Haltung fest, die Umsätze blieben jedoch gering. Die Truppen haben die Demarkationslinie überschritten und sind in die Stellungen eingerückt, die ihnen von der Heeresleitung angewiesen wurden. Aus Berlin wird gemeldet, daß die Verhandlungen fortgesetzt werden. Die Regierung hat beschlossen, die Preise für Kohlen und Koks vom ersten Januar ab zu erhöhen, da die Gestehungskosten erheblich gestiegen sind. Die Bilanz des Unternehmens zeigt einen Gewinn, der nach Abschreibungen zur Verteilung einer Dividende verwendet wird. An der Börse war die Haltung fest, die Umsätze blieben jedoch gering. Die Truppen haben die Demarkationslinie überschritten und sind in die Stellungen eingerückt, die ihnen von der Heeresleitung angewiesen wurden. Aus Berlin wird gemeldet, daß die Verhandlungen fortgesetzt werden. Die Regierung hat beschlossen, die Preise für Kohlen und Koks vom ersten Januar ab zu erhöhen, da die Gestehungskosten erheblich gestiegen sind. Die Bilanz des Unternehmens zeigt einen Gewinn, der nach Abschreibungen zur Verteilung einer Dividende verwendet wird. An der Börse war die Haltung fest, die Umsätze blieben jedoch gering. Die Truppen haben die Demarkationslinie überschritten und sind in die Stellungen eingerückt, die ihnen von der Heeresleitung angewiesen wurden. Aus Berlin wird gemeldet, daß die Verhandlungen fortgesetzt werden. Die Regierung hat beschlossen, die Preise für Kohlen und Koks vom ersten Januar ab zu erhöhen, da die Gestehungskosten erheblich gestiegen sind. Die Bilanz des Unternehmens zeigt einen Gewinn, der nach Abschreibungen zur Verteilung einer Dividende verwendet wird. An der Börse war die Haltung fest, die Umsätze blieben jedoch gering. Die Truppen haben die Demarkationslinie überschritten und sind in die Stellungen eingerückt, die ihnen von der Heeresleitung angewiesen wurden. Aus Berlin wird gemeldet, daß die Verhandlungen fortgesetzt werden. Die Regierung hat beschlossen, die Preise für Kohlen und Koks vom ersten Januar ab zu erhöhen, da die Gestehungskosten erheblich gestiegen sind. Die Bilanz des Unternehmens zeigt einen Gewinn, der nach Abschreibungen zur Verteilung einer Dividende verwendet wird. An der Börse war die Haltung fest, die Umsätze blieben jedoch gering. Die Truppen haben die Demarkationslinie überschritten und sind in die Stellungen eingerückt, die ihnen von der Heeresleitung angewiesen wurden. Aus Berlin wird gemeldet, daß die Verhandlungen fortgesetzt werden. Die Regierung hat beschlossen, die Preise für Kohlen und Koks vom ersten Januar ab zu erhöhen, da die Gestehungskosten erheblich gestiegen sind. Die Bilanz des Unternehmens zeigt einen Gewinn, der nach Abschreibungen zur Verteilung einer Dividende verwendet wird. An der Börse war die Haltung fest, die Umsätze blieben jedoch gering. Die Truppen haben die Demarkationslinie überschritten und sind in die Stellungen eingerückt, die ihnen von der Heeresleitung angewiesen wurden. Aus Berlin wird gemeldet, daß die Verhandlungen fortgesetzt werden. Die Regierung hat beschlossen, die Preise für Kohlen und Koks vom ersten Januar ab zu erhöhen, da die Gestehungskosten erheblich gestiegen sind. Die Bilanz des Unternehmens zeigt einen Gewinn, der nach Abschreibungen zur Verteilung einer Dividende verwendet wird. An der Börse war die Haltung fest, die Umsätze blieben jedoch gering. Die Truppen haben die Demarkationslinie überschritten und sind in die Stellungen eingerückt, die ihnen von der Heeresleitung angewiesen wurden. Aus Berlin wird gemeldet, daß die Verhandlungen fortgesetzt werden. Die Regierung hat beschlossen, die Preise für Kohlen und Koks vom ersten Januar ab zu erhöhen, da die Gestehungskosten erheblich gestiegen sind. Die Bilanz des Unternehmens zeigt einen Gewinn, der nach Abschreibungen zur Verteilung einer Dividende verwendet wird. An der Börse war die Haltung fest, die Umsätze blieben jedoch gering.
Paris, 21. Dez.

New York, 21. Dez.

Statt jeder besonderen Anzeige.
Todes-Anzeige.
Irene
Die Truppen haben die Demarkationslinie überschritten und sind in die Stellungen eingerückt, die ihnen von der Heeresleitung angewiesen wurden. Aus Berlin wird gemeldet, daß die Verhandlungen fortgesetzt werden. Die Regierung hat beschlossen, die Preise für Kohlen und Koks vom ersten Januar ab zu erhöhen, da die Gestehungskosten erheblich gestiegen sind. Die Bilanz des Unternehmens zeigt einen Gewinn, der nach Abschreibungen zur Verteilung einer Dividende verwendet wird. An der Börse war die Haltung fest, die Umsätze blieben jedoch gering.
Rechtsanwalt Moos I.
Leutnant d. L. I.
Max Straus
aus Frankfurt a. M.
Die Truppen haben die Demarkationslinie überschritten und sind in die Stellungen eingerückt, die ihnen von der Heeresleitung angewiesen wurden. Aus Berlin wird gemeldet, daß die Verhandlungen fortgesetzt werden. Die Regierung hat beschlossen, die Preise für Kohlen und Koks vom ersten Januar ab zu erhöhen, da die Gestehungskosten erheblich gestiegen sind. Die Bilanz des Unternehmens zeigt einen Gewinn, der nach Abschreibungen zur Verteilung einer Dividende verwendet wird. An der Börse war die Haltung fest, die Umsätze blieben jedoch gering.
Deuster
Berliner Börse
